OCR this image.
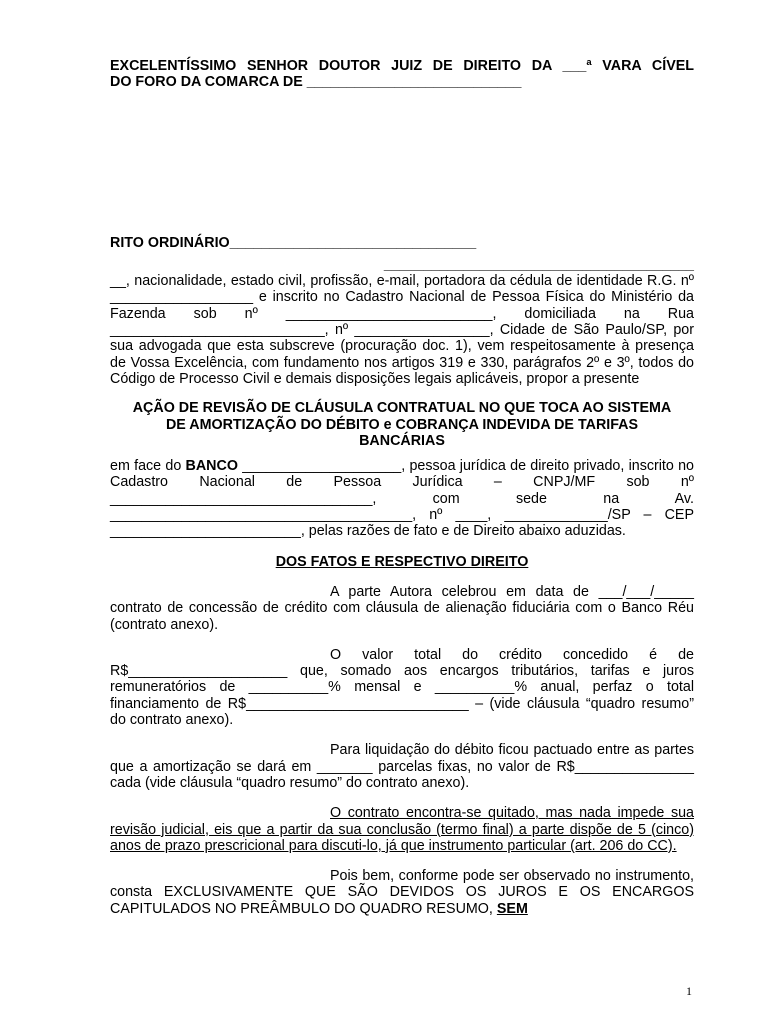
EXCELENTÍSSIMO SENHOR DOUTOR JUIZ DE DIREITO DA ___ª VARA CÍVEL

DO FORO DA COMARCA DE ___________________________

RITO ORDINÁRIO_______________________________

_______________________________________

__, nacionalidade, estado civil, profissão, e-mail, portadora da cédula de identidade R.G. nº __________________ e inscrito no Cadastro Nacional de Pessoa Física do Ministério da Fazenda sob nº __________________________, domiciliada na Rua ___________________________, nº _________________, Cidade de São Paulo/SP, por sua advogada que esta subscreve (procuração doc. 1), vem respeitosamente à presença de Vossa Excelência, com fundamento nos artigos 319 e 330, parágrafos 2º e 3º, todos do Código de Processo Civil e demais disposições legais aplicáveis, propor a presente

AÇÃO DE REVISÃO DE CLÁUSULA CONTRATUAL NO QUE TOCA AO SISTEMA DE AMORTIZAÇÃO DO DÉBITO e COBRANÇA INDEVIDA DE TARIFAS BANCÁRIAS

em face do BANCO ____________________, pessoa jurídica de direito privado, inscrito no Cadastro Nacional de Pessoa Jurídica – CNPJ/MF sob nº _________________________________, com sede na Av. ______________________________________, nº ____, _____________/SP – CEP ________________________, pelas razões de fato e de Direito abaixo aduzidas.

DOS FATOS E RESPECTIVO DIREITO

A parte Autora celebrou em data de ___/___/_____ contrato de concessão de crédito com cláusula de alienação fiduciária com o Banco Réu (contrato anexo).

O valor total do crédito concedido é de R$____________________ que, somado aos encargos tributários, tarifas e juros remuneratórios de __________% mensal e __________% anual, perfaz o total financiamento de R$____________________________ – (vide cláusula “quadro resumo” do contrato anexo).

Para liquidação do débito ficou pactuado entre as partes que a amortização se dará em _______ parcelas fixas, no valor de R$_______________ cada (vide cláusula “quadro resumo” do contrato anexo).

O contrato encontra-se quitado, mas nada impede sua revisão judicial, eis que a partir da sua conclusão (termo final) a parte dispõe de 5 (cinco) anos de prazo prescricional para discuti-lo, já que instrumento particular (art. 206 do CC).

Pois bem, conforme pode ser observado no instrumento, consta EXCLUSIVAMENTE QUE SÃO DEVIDOS OS JUROS E OS ENCARGOS CAPITULADOS NO PREÂMBULO DO QUADRO RESUMO, SEM

1
